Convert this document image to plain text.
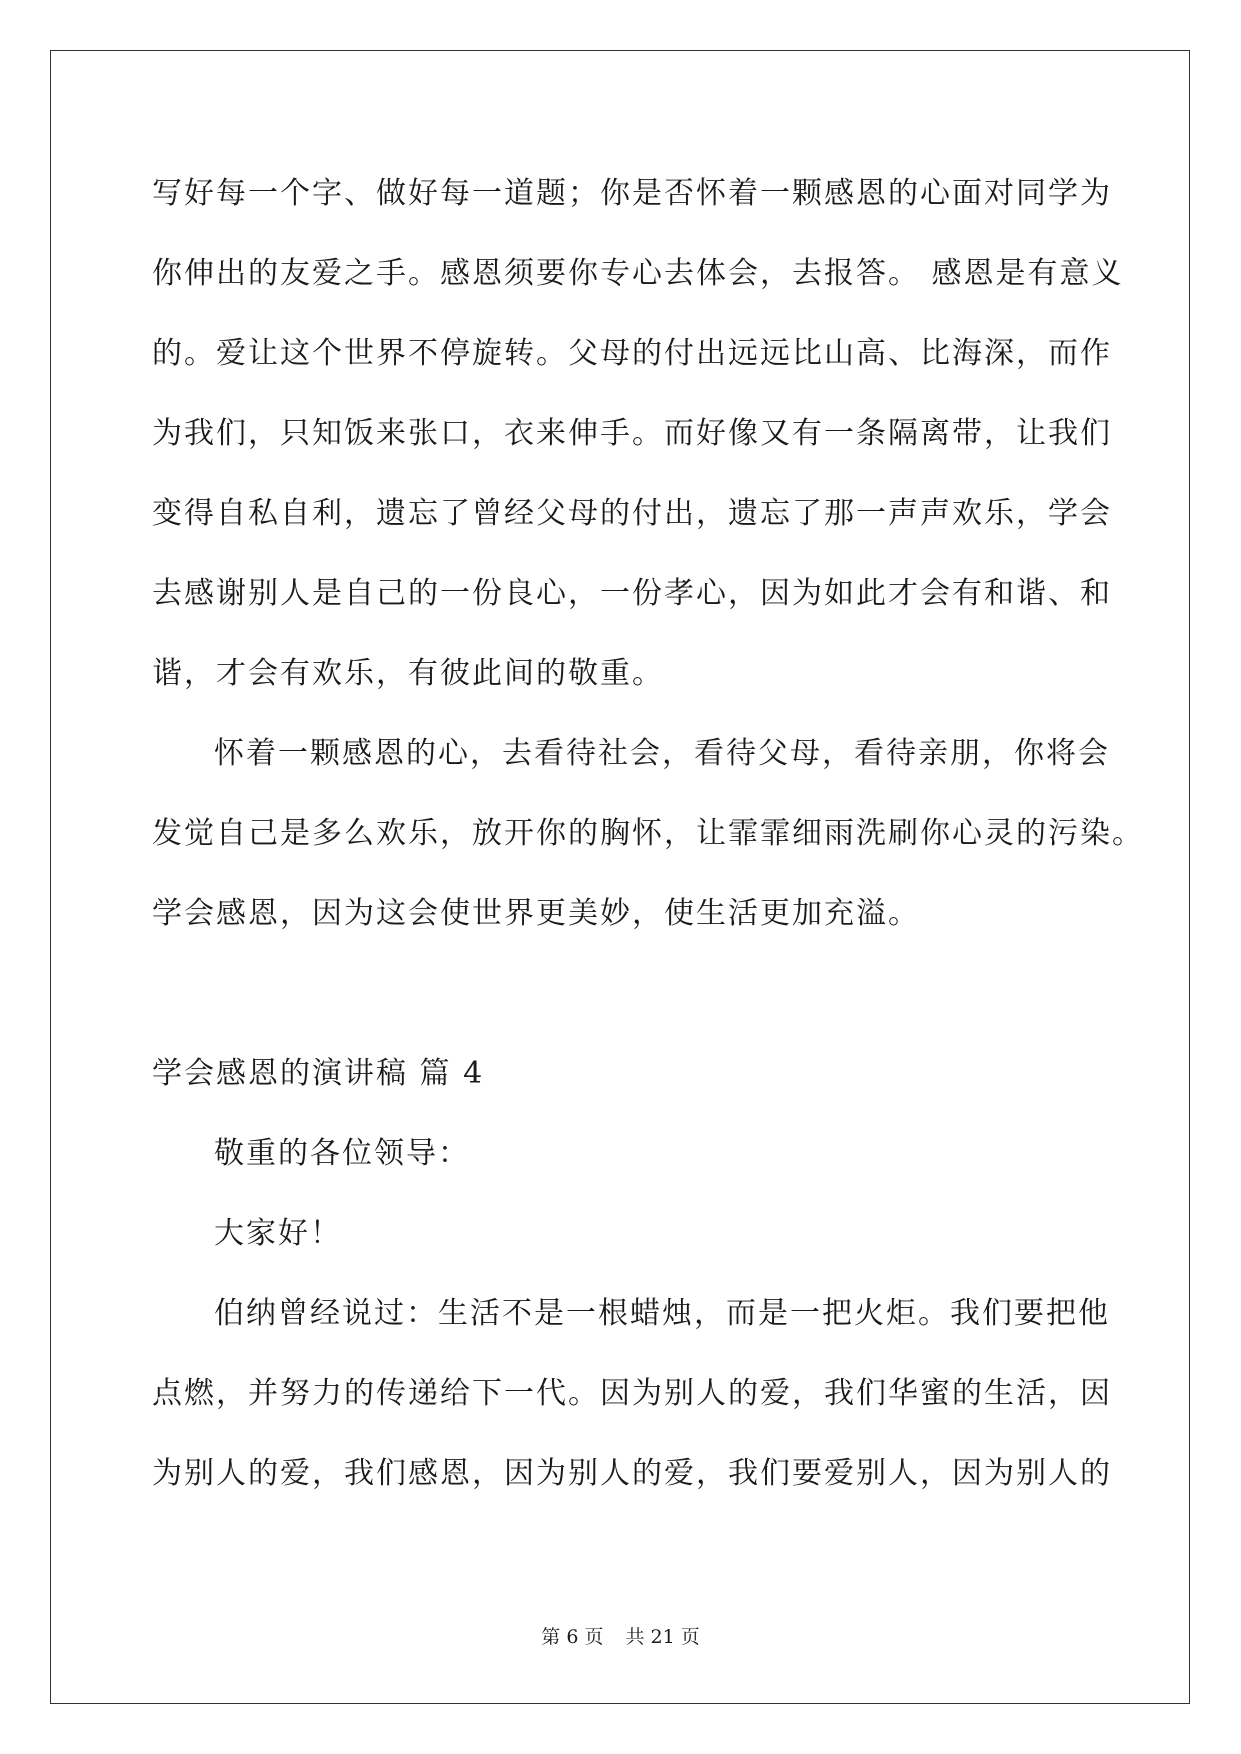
写好每一个字、做好每一道题；你是否怀着一颗感恩的心面对同学为
你伸出的友爱之手。感恩须要你专心去体会，去报答。 感恩是有意义
的。爱让这个世界不停旋转。父母的付出远远比山高、比海深，而作
为我们，只知饭来张口，衣来伸手。而好像又有一条隔离带，让我们
变得自私自利，遗忘了曾经父母的付出，遗忘了那一声声欢乐，学会
去感谢别人是自己的一份良心，一份孝心，因为如此才会有和谐、和
谐，才会有欢乐，有彼此间的敬重。
怀着一颗感恩的心，去看待社会，看待父母，看待亲朋，你将会
发觉自己是多么欢乐，放开你的胸怀，让霏霏细雨洗刷你心灵的污染。
学会感恩，因为这会使世界更美妙，使生活更加充溢。
学会感恩的演讲稿 篇 4
敬重的各位领导：
大家好！
伯纳曾经说过：生活不是一根蜡烛，而是一把火炬。我们要把他
点燃，并努力的传递给下一代。因为别人的爱，我们华蜜的生活，因
为别人的爱，我们感恩，因为别人的爱，我们要爱别人，因为别人的
第 6 页 共 21 页
